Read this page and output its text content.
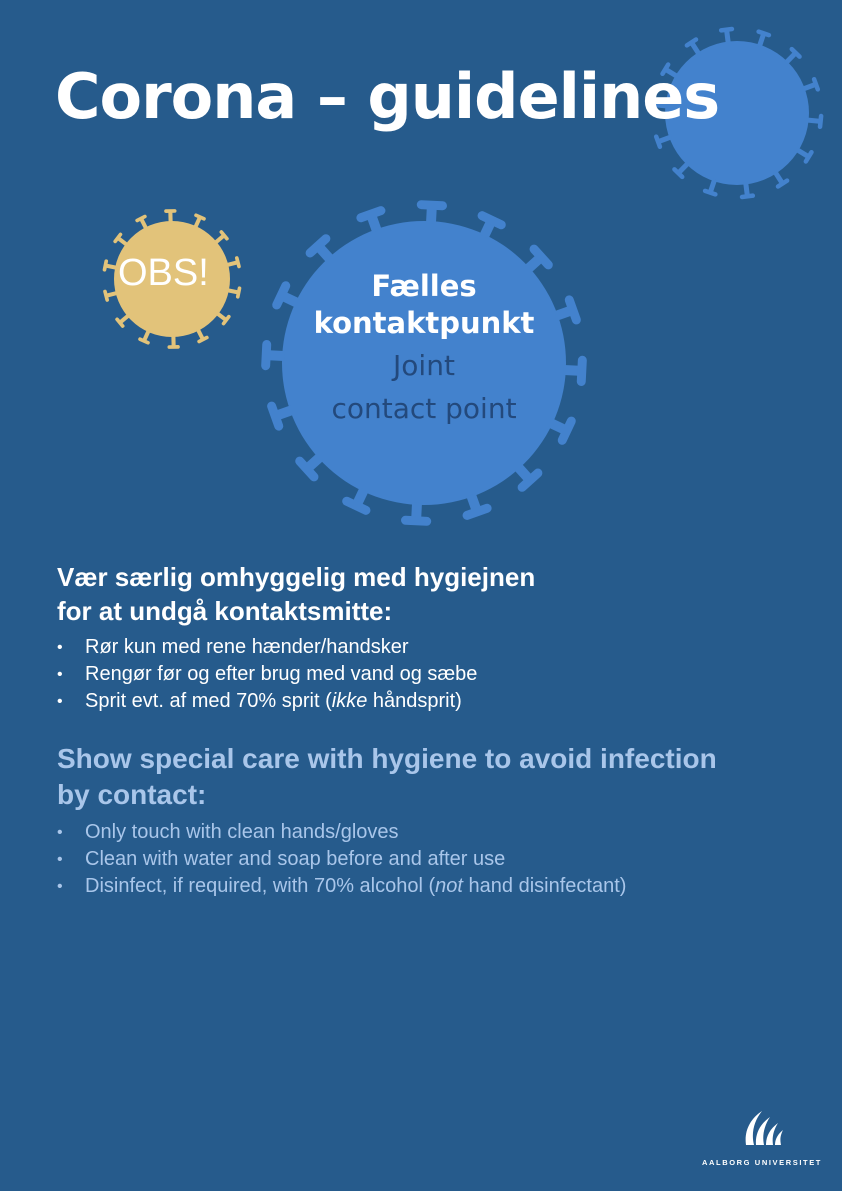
Corona – guidelines
OBS!	Fælles
kontaktpunkt
Joint
contact point
Vær særlig omhyggelig med hygiejnen
for at undgå kontaktsmitte:
• Rør kun med rene hænder/handsker
• Rengør før og efter brug med vand og sæbe
• Sprit evt. af med 70% sprit (ikke håndsprit)
Show special care with hygiene to avoid infection
by contact:
• Only touch with clean hands/gloves
• Clean with water and soap before and after use
• Disinfect, if required, with 70% alcohol (not hand disinfectant)
AALBORG UNIVERSITET
